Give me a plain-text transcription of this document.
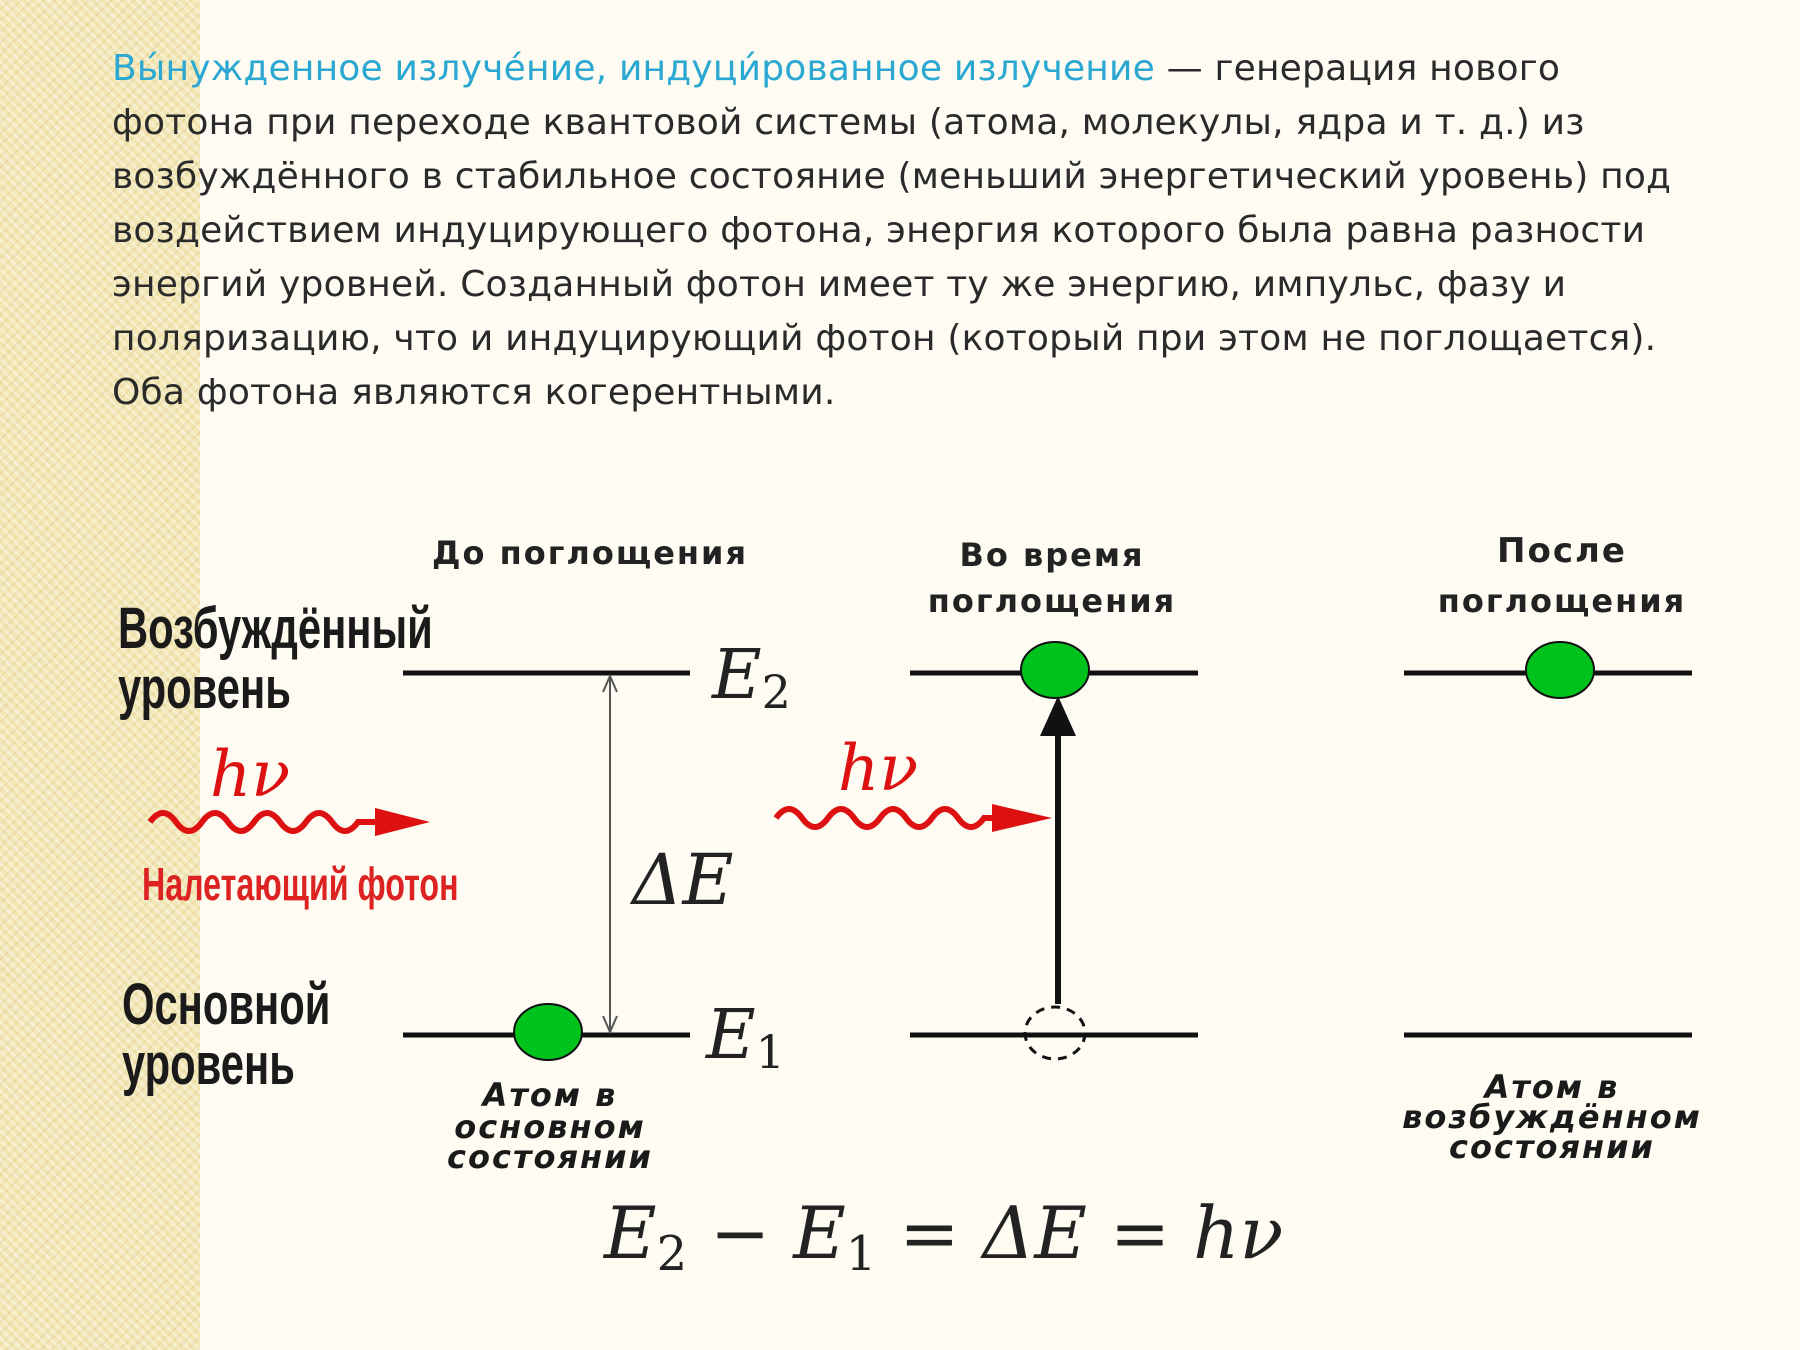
Вы́нужденное излуче́ние, индуци́рованное излучение — генерация нового фотона при переходе квантовой системы (атома, молекулы, ядра и т. д.) из возбуждённого в стабильное состояние (меньший энергетический уровень) под воздействием индуцирующего фотона, энергия которого была равна разности энергий уровней. Созданный фотон имеет ту же энергию, импульс, фазу и поляризацию, что и индуцирующий фотон (который при этом не поглощается). Оба фотона являются когерентными.
До поглощения	Во время
поглощения
После
поглощения
Возбуждённый
уровень
Основной
уровень
E2
E1
ΔE
hν
Налетающий фотон
Атом в
основном
состоянии
hν
Атом в
возбуждённом
состоянии
E2 − E1 = ΔE = hν
